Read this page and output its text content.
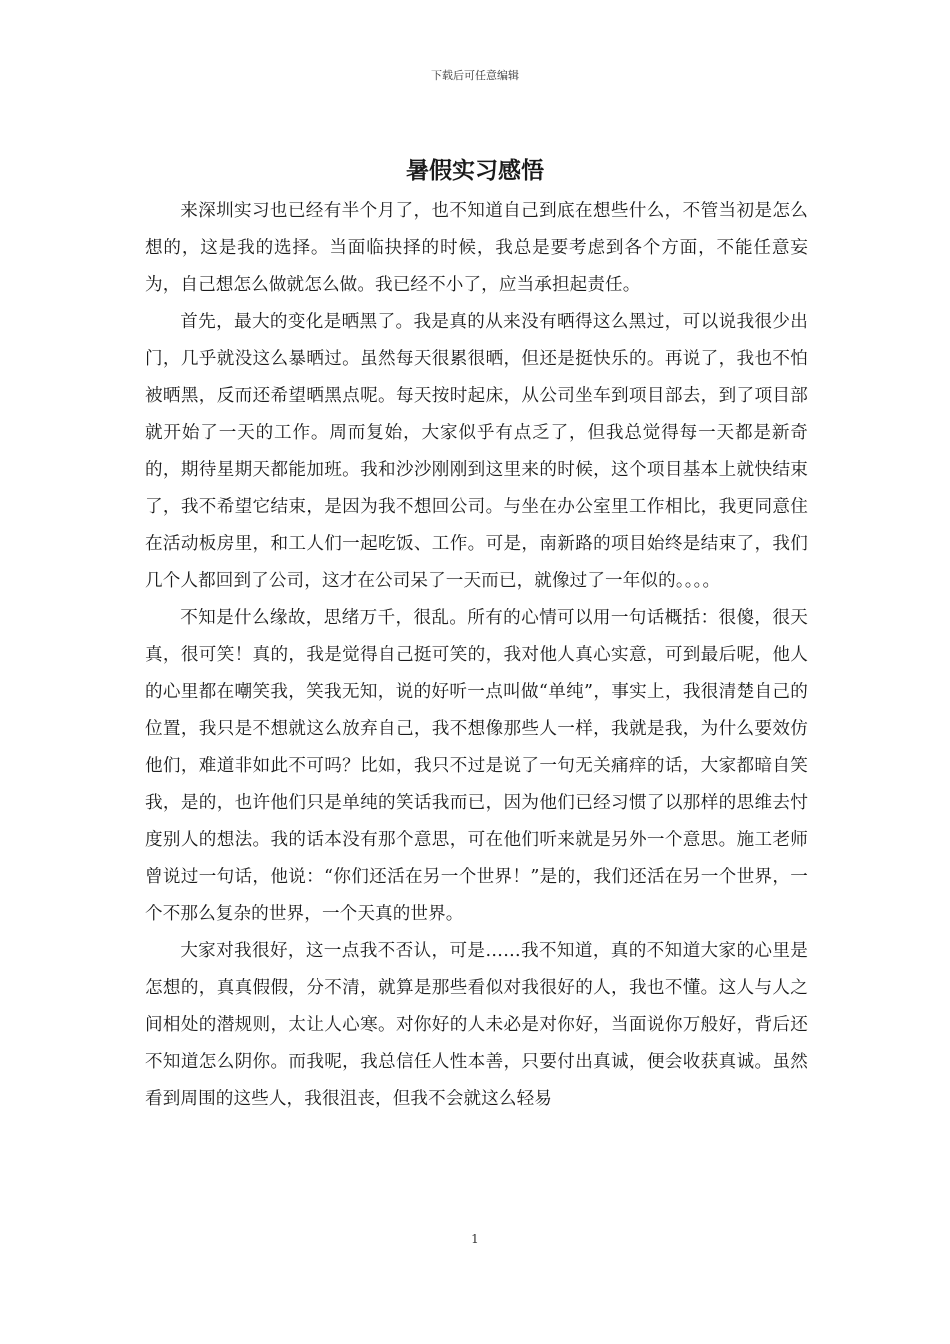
下载后可任意编辑
暑假实习感悟

来深圳实习也已经有半个月了，也不知道自己到底在想些什么，不管当初是怎么想的，这是我的选择。当面临抉择的时候，我总是要考虑到各个方面，不能任意妄为，自己想怎么做就怎么做。我已经不小了，应当承担起责任。

首先，最大的变化是晒黑了。我是真的从来没有晒得这么黑过，可以说我很少出门，几乎就没这么暴晒过。虽然每天很累很晒，但还是挺快乐的。再说了，我也不怕被晒黑，反而还希望晒黑点呢。每天按时起床，从公司坐车到项目部去，到了项目部就开始了一天的工作。周而复始，大家似乎有点乏了，但我总觉得每一天都是新奇的，期待星期天都能加班。我和沙沙刚刚到这里来的时候，这个项目基本上就快结束了，我不希望它结束，是因为我不想回公司。与坐在办公室里工作相比，我更同意住在活动板房里，和工人们一起吃饭、工作。可是，南新路的项目始终是结束了，我们几个人都回到了公司，这才在公司呆了一天而已，就像过了一年似的。。。。

不知是什么缘故，思绪万千，很乱。所有的心情可以用一句话概括：很傻，很天真，很可笑！真的，我是觉得自己挺可笑的，我对他人真心实意，可到最后呢，他人的心里都在嘲笑我，笑我无知，说的好听一点叫做“单纯”，事实上，我很清楚自己的位置，我只是不想就这么放弃自己，我不想像那些人一样，我就是我，为什么要效仿他们，难道非如此不可吗？比如，我只不过是说了一句无关痛痒的话，大家都暗自笑我，是的，也许他们只是单纯的笑话我而已，因为他们已经习惯了以那样的思维去忖度别人的想法。我的话本没有那个意思，可在他们听来就是另外一个意思。施工老师曾说过一句话，他说：“你们还活在另一个世界！”是的，我们还活在另一个世界，一个不那么复杂的世界，一个天真的世界。

大家对我很好，这一点我不否认，可是……我不知道，真的不知道大家的心里是怎想的，真真假假，分不清，就算是那些看似对我很好的人，我也不懂。这人与人之间相处的潜规则，太让人心寒。对你好的人未必是对你好，当面说你万般好，背后还不知道怎么阴你。而我呢，我总信任人性本善，只要付出真诚，便会收获真诚。虽然看到周围的这些人，我很沮丧，但我不会就这么轻易

1
